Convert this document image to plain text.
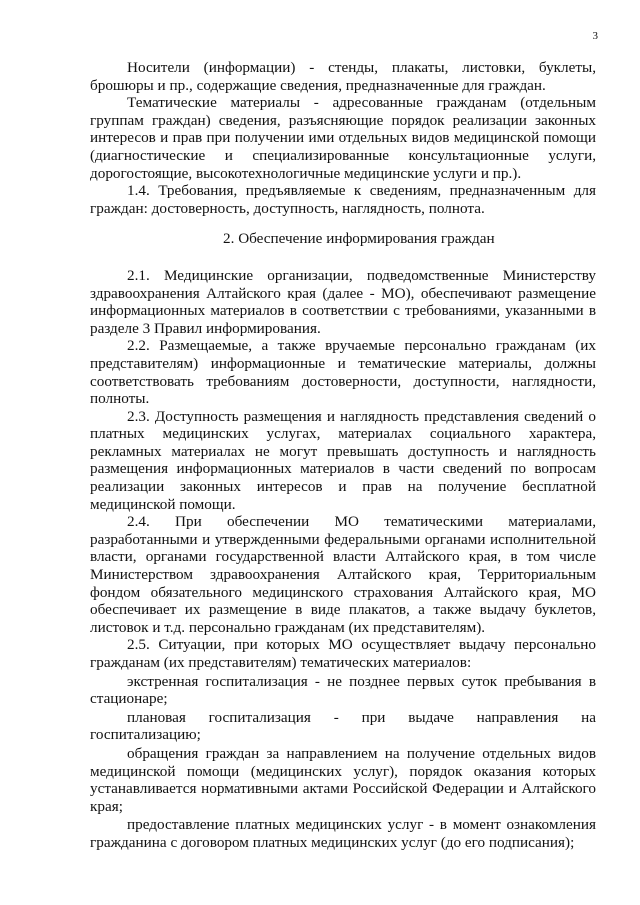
3

Носители (информации) - стенды, плакаты, листовки, буклеты, брошюры и пр., содержащие сведения, предназначенные для граждан.

Тематические материалы - адресованные гражданам (отдельным группам граждан) сведения, разъясняющие порядок реализации законных интересов и прав при получении ими отдельных видов медицинской помощи (диагностические и специализированные консультационные услуги, дорогостоящие, высокотехнологичные медицинские услуги и пр.).

1.4. Требования, предъявляемые к сведениям, предназначенным для граждан: достоверность, доступность, наглядность, полнота.

2. Обеспечение информирования граждан

2.1. Медицинские организации, подведомственные Министерству здравоохранения Алтайского края (далее - МО), обеспечивают размещение информационных материалов в соответствии с требованиями, указанными в разделе 3 Правил информирования.

2.2. Размещаемые, а также вручаемые персонально гражданам (их представителям) информационные и тематические материалы, должны соответствовать требованиям достоверности, доступности, наглядности, полноты.

2.3. Доступность размещения и наглядность представления сведений о платных медицинских услугах, материалах социального характера, рекламных материалах не могут превышать доступность и наглядность размещения информационных материалов в части сведений по вопросам реализации законных интересов и прав на получение бесплатной медицинской помощи.

2.4. При обеспечении МО тематическими материалами, разработанными и утвержденными федеральными органами исполнительной власти, органами государственной власти Алтайского края, в том числе Министерством здравоохранения Алтайского края, Территориальным фондом обязательного медицинского страхования Алтайского края, МО обеспечивает их размещение в виде плакатов, а также выдачу буклетов, листовок и т.д. персонально гражданам (их представителям).

2.5. Ситуации, при которых МО осуществляет выдачу персонально гражданам (их представителям) тематических материалов:

экстренная госпитализация - не позднее первых суток пребывания в стационаре;

плановая госпитализация - при выдаче направления на госпитализацию;

обращения граждан за направлением на получение отдельных видов медицинской помощи (медицинских услуг), порядок оказания которых устанавливается нормативными актами Российской Федерации и Алтайского края;

предоставление платных медицинских услуг - в момент ознакомления гражданина с договором платных медицинских услуг (до его подписания);
